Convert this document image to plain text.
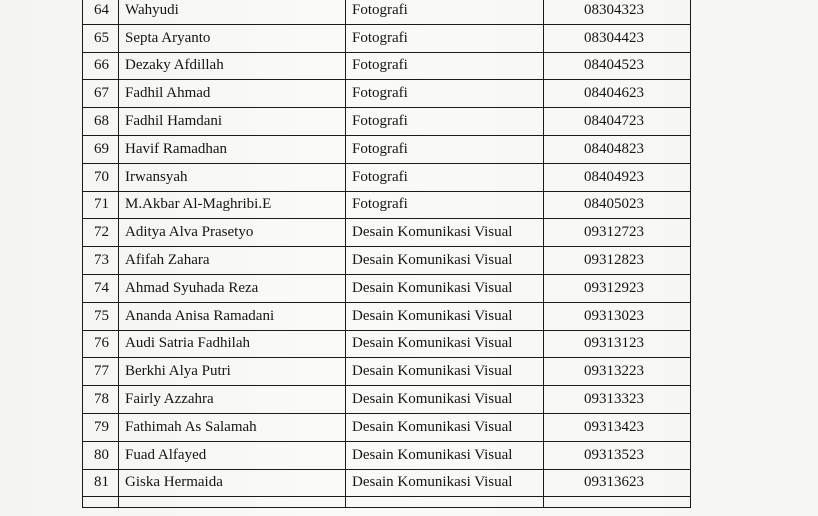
64	Wahyudi	Fotografi	08304323
65	Septa Aryanto	Fotografi	08304423
66	Dezaky Afdillah	Fotografi	08404523
67	Fadhil Ahmad	Fotografi	08404623
68	Fadhil Hamdani	Fotografi	08404723
69	Havif Ramadhan	Fotografi	08404823
70	Irwansyah	Fotografi	08404923
71	M.Akbar Al-Maghribi.E	Fotografi	08405023
72	Aditya Alva Prasetyo	Desain Komunikasi Visual	09312723
73	Afifah Zahara	Desain Komunikasi Visual	09312823
74	Ahmad Syuhada Reza	Desain Komunikasi Visual	09312923
75	Ananda Anisa Ramadani	Desain Komunikasi Visual	09313023
76	Audi Satria Fadhilah	Desain Komunikasi Visual	09313123
77	Berkhi Alya Putri	Desain Komunikasi Visual	09313223
78	Fairly Azzahra	Desain Komunikasi Visual	09313323
79	Fathimah As Salamah	Desain Komunikasi Visual	09313423
80	Fuad Alfayed	Desain Komunikasi Visual	09313523
81	Giska Hermaida	Desain Komunikasi Visual	09313623
